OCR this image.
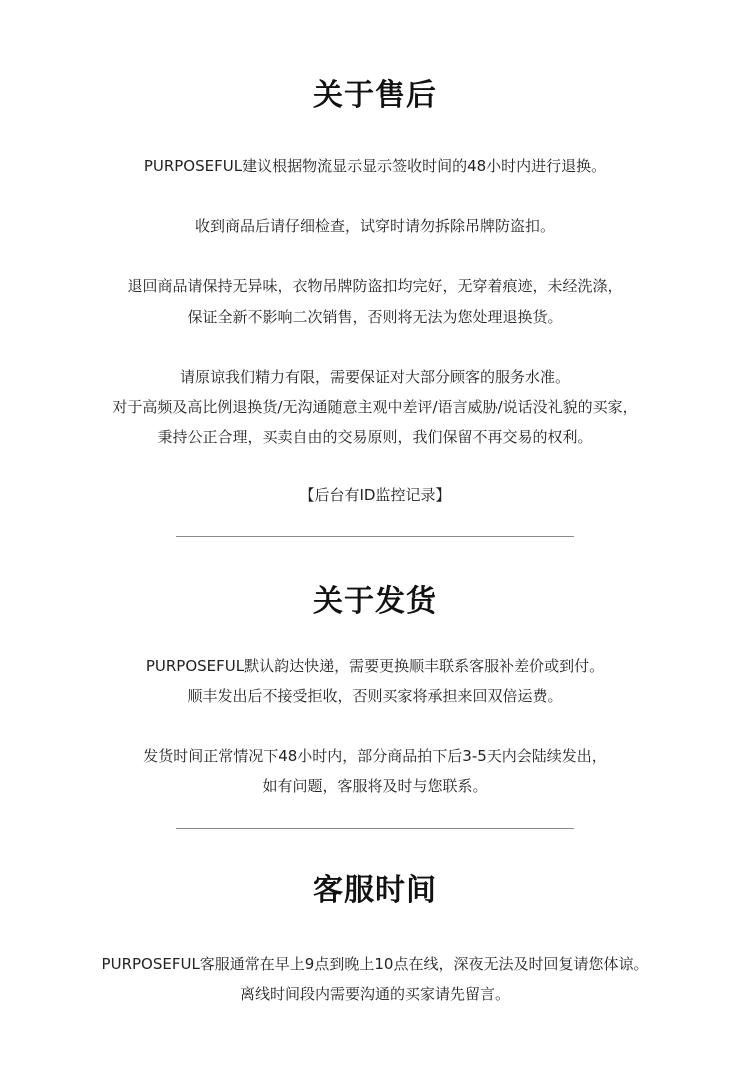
关于售后

PURPOSEFUL建议根据物流显示显示签收时间的48小时内进行退换。

收到商品后请仔细检查，试穿时请勿拆除吊牌防盗扣。

退回商品请保持无异味，衣物吊牌防盗扣均完好，无穿着痕迹，未经洗涤，

保证全新不影响二次销售，否则将无法为您处理退换货。

请原谅我们精力有限，需要保证对大部分顾客的服务水准。

对于高频及高比例退换货/无沟通随意主观中差评/语言威胁/说话没礼貌的买家，

秉持公正合理，买卖自由的交易原则，我们保留不再交易的权利。

【后台有ID监控记录】

关于发货

PURPOSEFUL默认韵达快递，需要更换顺丰联系客服补差价或到付。

顺丰发出后不接受拒收，否则买家将承担来回双倍运费。

发货时间正常情况下48小时内，部分商品拍下后3-5天内会陆续发出，

如有问题，客服将及时与您联系。

客服时间

PURPOSEFUL客服通常在早上9点到晚上10点在线，深夜无法及时回复请您体谅。

离线时间段内需要沟通的买家请先留言。
